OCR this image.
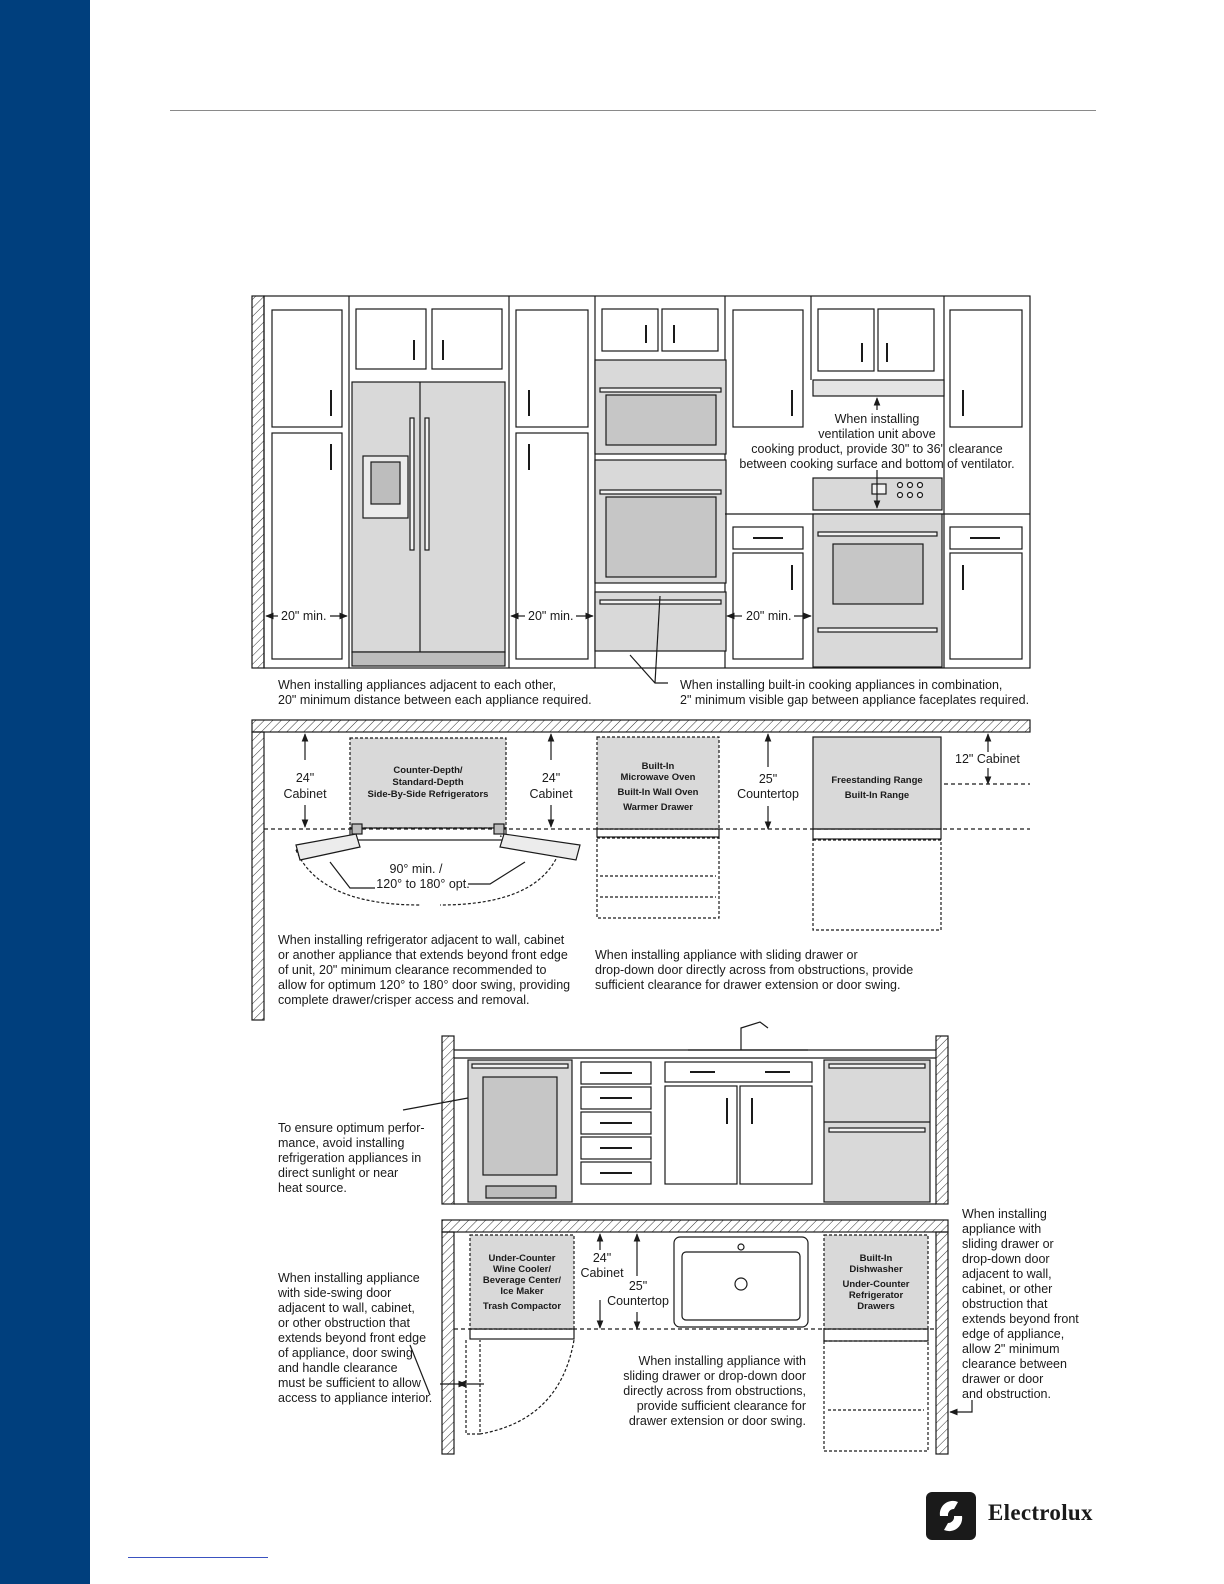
When installing
ventilation unit above
cooking product, provide 30" to 36" clearance
between cooking surface and bottom of ventilator.
20" min.	20" min.	20" min.
When installing appliances adjacent to each other,
20" minimum distance between each appliance required.
When installing built-in cooking appliances in combination,
2" minimum visible gap between appliance faceplates required.
24"
Cabinet
Counter-Depth/
Standard-Depth
Side-By-Side Refrigerators
24"
Cabinet
Built-In
Microwave Oven
Built-In Wall Oven
Warmer Drawer
25"
Countertop
Freestanding Range
Built-In Range
12" Cabinet
90° min. /
120° to 180° opt.
When installing refrigerator adjacent to wall, cabinet
or another appliance that extends beyond front edge
of unit, 20" minimum clearance recommended to
allow for optimum 120° to 180° door swing, providing
complete drawer/crisper access and removal.
When installing appliance with sliding drawer or
drop-down door directly across from obstructions, provide
sufficient clearance for drawer extension or door swing.
To ensure optimum perfor-
mance, avoid installing
refrigeration appliances in
direct sunlight or near
heat source.
Under-Counter
Wine Cooler/
Beverage Center/
Ice Maker
Trash Compactor
24"
Cabinet
25"
Countertop
Built-In
Dishwasher
Under-Counter
Refrigerator
Drawers
When installing appliance
with side-swing door
adjacent to wall, cabinet,
or other obstruction that
extends beyond front edge
of appliance, door swing
and handle clearance
must be sufficient to allow
access to appliance interior.
When installing appliance with
sliding drawer or drop-down door
directly across from obstructions,
provide sufficient clearance for
drawer extension or door swing.
When installing
appliance with
sliding drawer or
drop-down door
adjacent to wall,
cabinet, or other
obstruction that
extends beyond front
edge of appliance,
allow 2" minimum
clearance between
drawer or door
and obstruction.
Electrolux
